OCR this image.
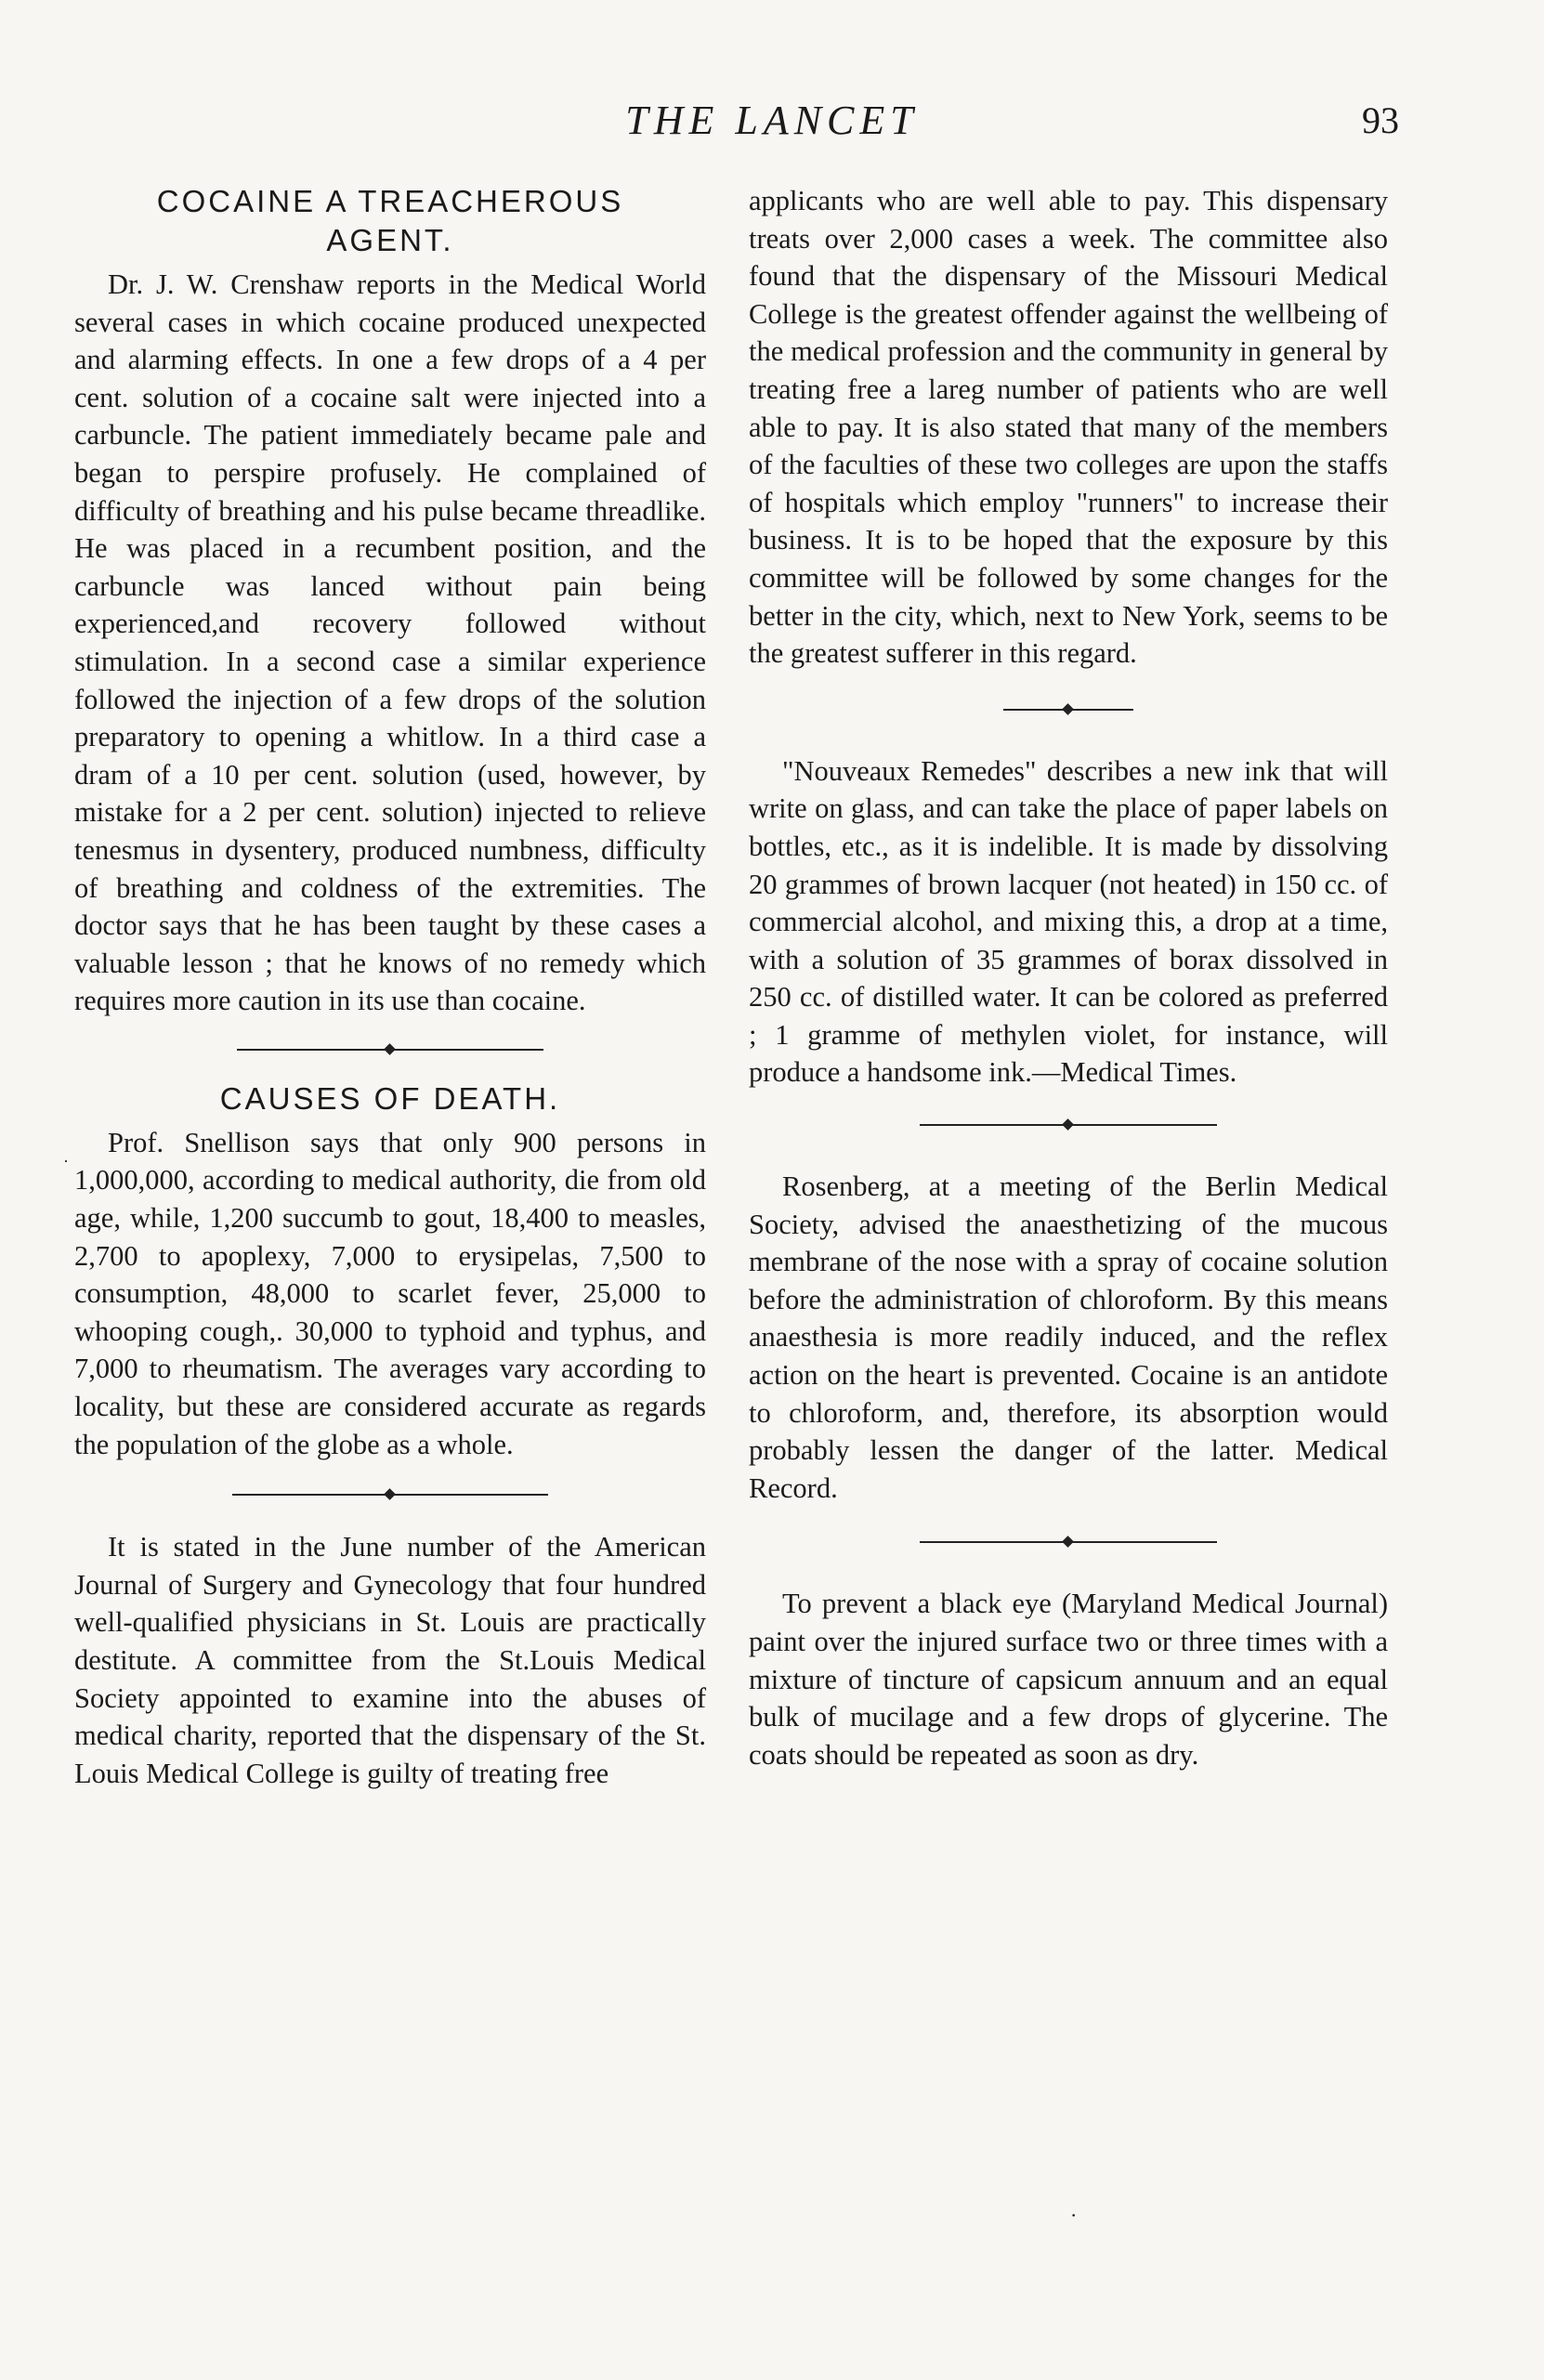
THE LANCET	93
·
COCAINE A TREACHEROUS
AGENT.

Dr. J. W. Crenshaw reports in the Medical World several cases in which cocaine produced unexpected and alarming effects. In one a few drops of a 4 per cent. solution of a cocaine salt were injected into a carbuncle. The patient immediately became pale and began to perspire profusely. He complained of difficulty of breathing and his pulse became threadlike. He was placed in a recumbent position, and the carbuncle was lanced without pain being experienced,and recovery followed without stimulation. In a second case a similar experience followed the injection of a few drops of the solution preparatory to opening a whitlow. In a third case a dram of a 10 per cent. solution (used, however, by mistake for a 2 per cent. solution) injected to relieve tenesmus in dysentery, produced numbness, difficulty of breathing and coldness of the extremities. The doctor says that he has been taught by these cases a valuable lesson ; that he knows of no remedy which requires more caution in its use than cocaine.

CAUSES OF DEATH.

Prof. Snellison says that only 900 persons in 1,000,000, according to medical authority, die from old age, while, 1,200 succumb to gout, 18,400 to measles, 2,700 to apoplexy, 7,000 to erysipelas, 7,500 to consumption, 48,000 to scarlet fever, 25,000 to whooping cough,. 30,000 to typhoid and typhus, and 7,000 to rheumatism. The averages vary according to locality, but these are considered accurate as regards the population of the globe as a whole.

It is stated in the June number of the American Journal of Surgery and Gynecology that four hundred well-qualified physicians in St. Louis are practically destitute. A committee from the St.Louis Medical Society appointed to examine into the abuses of medical charity, reported that the dispensary of the St. Louis Medical College is guilty of treating free

applicants who are well able to pay. This dispensary treats over 2,000 cases a week. The committee also found that the dispensary of the Missouri Medical College is the greatest offender against the wellbeing of the medical profession and the community in general by treating free a lareg number of patients who are well able to pay. It is also stated that many of the members of the faculties of these two colleges are upon the staffs of hospitals which employ "runners" to increase their business. It is to be hoped that the exposure by this committee will be followed by some changes for the better in the city, which, next to New York, seems to be the greatest sufferer in this regard.

"Nouveaux Remedes" describes a new ink that will write on glass, and can take the place of paper labels on bottles, etc., as it is indelible. It is made by dissolving 20 grammes of brown lacquer (not heated) in 150 cc. of commercial alcohol, and mixing this, a drop at a time, with a solution of 35 grammes of borax dissolved in 250 cc. of distilled water. It can be colored as preferred ; 1 gramme of methylen violet, for instance, will produce a handsome ink.—Medical Times.

Rosenberg, at a meeting of the Berlin Medical Society, advised the anaesthetizing of the mucous membrane of the nose with a spray of cocaine solution before the administration of chloroform. By this means anaesthesia is more readily induced, and the reflex action on the heart is prevented. Cocaine is an antidote to chloroform, and, therefore, its absorption would probably lessen the danger of the latter. Medical Record.

To prevent a black eye (Maryland Medical Journal) paint over the injured surface two or three times with a mixture of tincture of capsicum annuum and an equal bulk of mucilage and a few drops of glycerine. The coats should be repeated as soon as dry.

·
